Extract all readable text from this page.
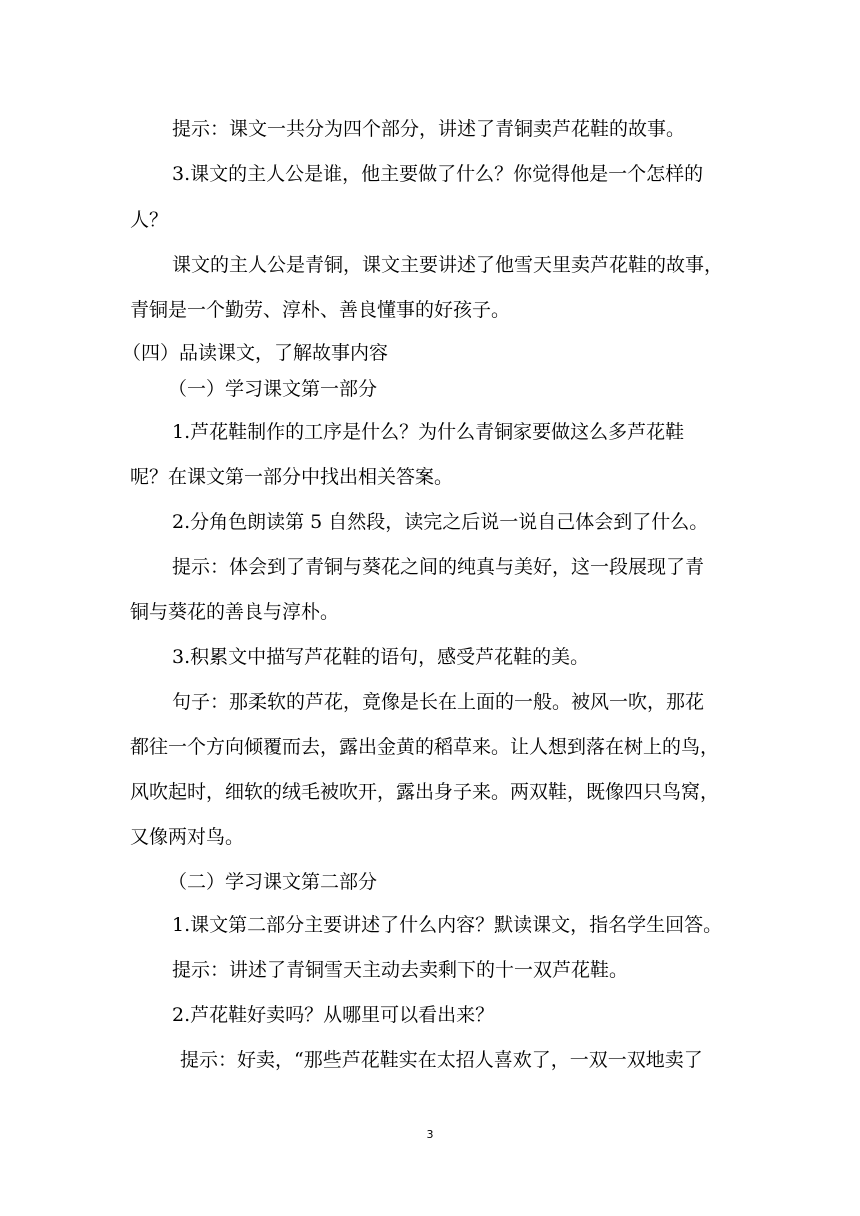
提示：课文一共分为四个部分，讲述了青铜卖芦花鞋的故事。
3.课文的主人公是谁，他主要做了什么？你觉得他是一个怎样的
人？
课文的主人公是青铜，课文主要讲述了他雪天里卖芦花鞋的故事，
青铜是一个勤劳、淳朴、善良懂事的好孩子。
（四）品读课文，了解故事内容
（一）学习课文第一部分
1.芦花鞋制作的工序是什么？为什么青铜家要做这么多芦花鞋
呢？在课文第一部分中找出相关答案。
2.分角色朗读第 5 自然段，读完之后说一说自己体会到了什么。
提示：体会到了青铜与葵花之间的纯真与美好，这一段展现了青
铜与葵花的善良与淳朴。
3.积累文中描写芦花鞋的语句，感受芦花鞋的美。
句子：那柔软的芦花，竟像是长在上面的一般。被风一吹，那花
都往一个方向倾覆而去，露出金黄的稻草来。让人想到落在树上的鸟，
风吹起时，细软的绒毛被吹开，露出身子来。两双鞋，既像四只鸟窝，
又像两对鸟。
（二）学习课文第二部分
1.课文第二部分主要讲述了什么内容？默读课文，指名学生回答。
提示：讲述了青铜雪天主动去卖剩下的十一双芦花鞋。
2.芦花鞋好卖吗？从哪里可以看出来？
提示：好卖，“那些芦花鞋实在太招人喜欢了，一双一双地卖了
3
